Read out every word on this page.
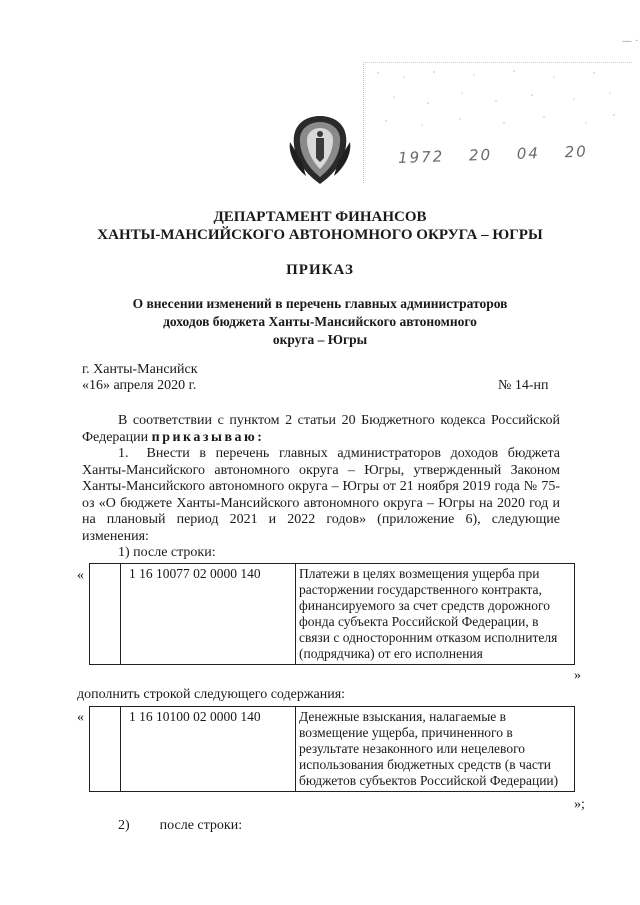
1972 20 04 20
— ·
ДЕПАРТАМЕНТ ФИНАНСОВ
ХАНТЫ-МАНСИЙСКОГО АВТОНОМНОГО ОКРУГА – ЮГРЫ
ПРИКАЗ
О внесении изменений в перечень главных администраторов
доходов бюджета Ханты-Мансийского автономного
округа – Югры
г. Ханты-Мансийск
«16» апреля 2020 г.	№ 14-нп
В соответствии с пунктом 2 статьи 20 Бюджетного кодекса Российской Федерации приказываю:
1. Внести в перечень главных администраторов доходов бюджета Ханты-Мансийского автономного округа – Югры, утвержденный Законом Ханты-Мансийского автономного округа – Югры от 21 ноября 2019 года № 75-оз «О бюджете Ханты-Мансийского автономного округа – Югры на 2020 год и на плановый период 2021 и 2022 годов» (приложение 6), следующие изменения:
1) после строки:
«
		1 16 10077 02 0000 140	Платежи в целях возмещения ущерба при расторжении государственного контракта, финансируемого за счет средств дорожного фонда субъекта Российской Федерации, в связи с односторонним отказом исполнителя (подрядчика) от его исполнения
»
дополнить строкой следующего содержания:
«
		1 16 10100 02 0000 140	Денежные взыскания, налагаемые в возмещение ущерба, причиненного в результате незаконного или нецелевого использования бюджетных средств (в части бюджетов субъектов Российской Федерации)
»;
2) после строки:
